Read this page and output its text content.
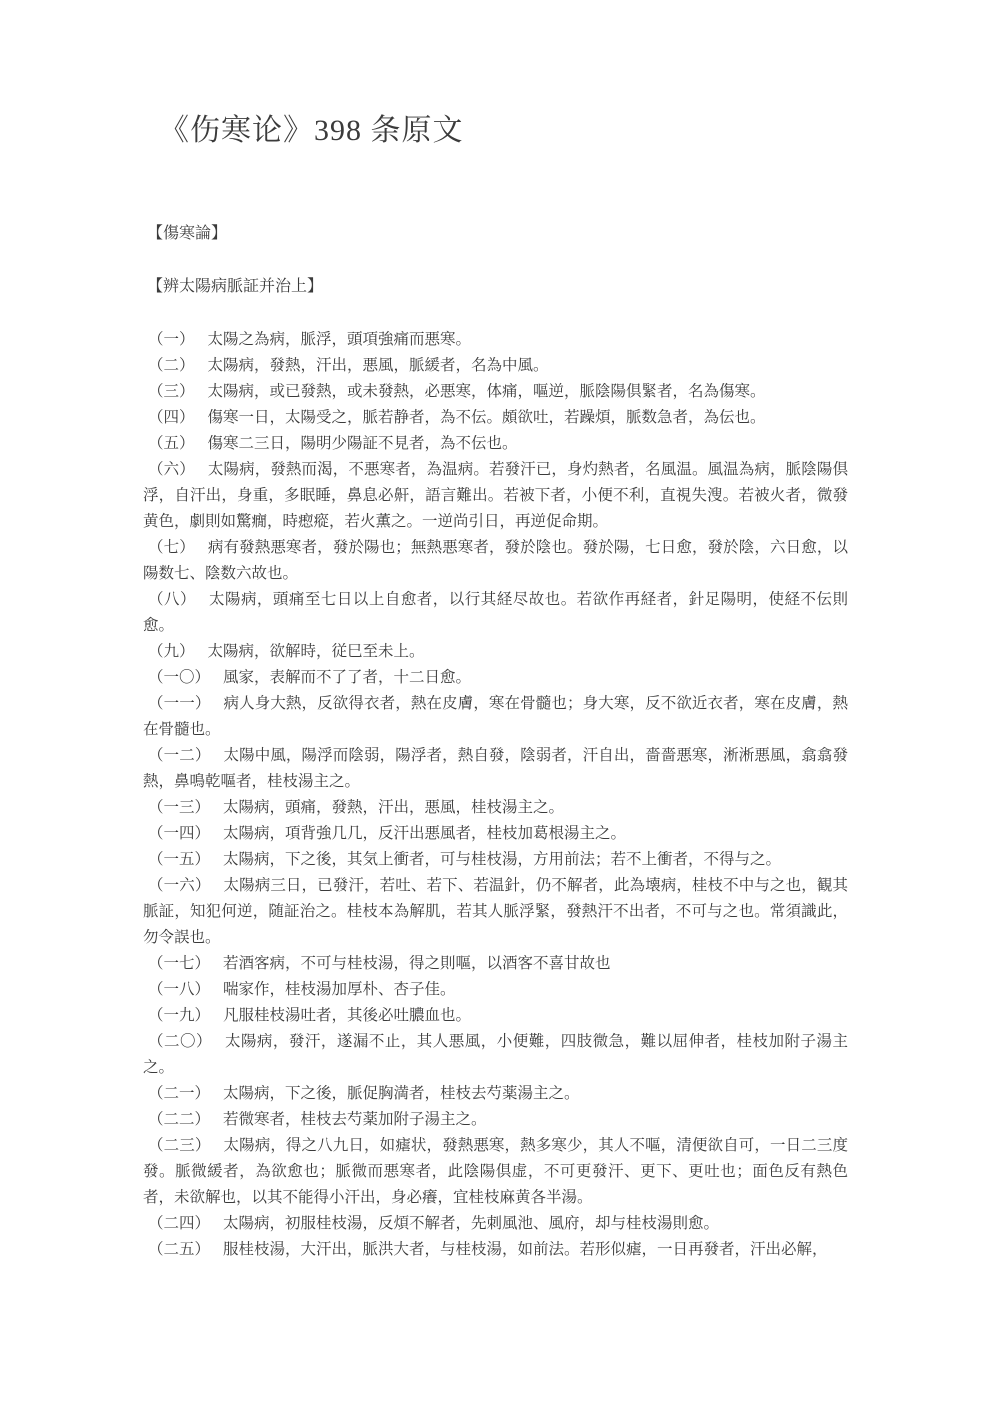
《伤寒论》398 条原文

【傷寒論】

【辨太陽病脈証并治上】

（一） 太陽之為病，脈浮，頭項強痛而悪寒。

（二） 太陽病，發熱，汗出，悪風，脈緩者，名為中風。

（三） 太陽病，或已發熱，或未發熱，必悪寒，体痛，嘔逆，脈陰陽倶緊者，名為傷寒。

（四） 傷寒一日，太陽受之，脈若静者，為不伝。頗欲吐，若躁煩，脈数急者，為伝也。

（五） 傷寒二三日，陽明少陽証不見者，為不伝也。

（六） 太陽病，發熱而渴，不悪寒者，為温病。若發汗已，身灼熱者，名風温。風温為病，脈陰陽倶浮，自汗出，身重，多眠睡，鼻息必鼾，語言難出。若被下者，小便不利，直視失溲。若被火者，微發黄色，劇則如驚癇，時瘛瘲，若火薫之。一逆尚引日，再逆促命期。

（七） 病有發熱悪寒者，發於陽也；無熱悪寒者，發於陰也。發於陽，七日愈，發於陰，六日愈，以陽数七、陰数六故也。

（八） 太陽病，頭痛至七日以上自愈者，以行其経尽故也。若欲作再経者，針足陽明，使経不伝則愈。

（九） 太陽病，欲解時，従巳至未上。

（一〇） 風家，表解而不了了者，十二日愈。

（一一） 病人身大熱，反欲得衣者，熱在皮膚，寒在骨髓也；身大寒，反不欲近衣者，寒在皮膚，熱在骨髓也。

（一二） 太陽中風，陽浮而陰弱，陽浮者，熱自發，陰弱者，汗自出，嗇嗇悪寒，淅淅悪風，翕翕發熱，鼻鳴乾嘔者，桂枝湯主之。

（一三） 太陽病，頭痛，發熱，汗出，悪風，桂枝湯主之。

（一四） 太陽病，項背強几几，反汗出悪風者，桂枝加葛根湯主之。

（一五） 太陽病，下之後，其気上衝者，可与桂枝湯，方用前法；若不上衝者，不得与之。

（一六） 太陽病三日，已發汗，若吐、若下、若温針，仍不解者，此為壊病，桂枝不中与之也，観其脈証，知犯何逆，随証治之。桂枝本為解肌，若其人脈浮緊，發熱汗不出者，不可与之也。常須識此，勿令誤也。

（一七） 若酒客病，不可与桂枝湯，得之則嘔，以酒客不喜甘故也

（一八） 喘家作，桂枝湯加厚朴、杏子佳。

（一九） 凡服桂枝湯吐者，其後必吐膿血也。

（二〇） 太陽病，發汗，遂漏不止，其人悪風，小便難，四肢微急，難以屈伸者，桂枝加附子湯主之。

（二一） 太陽病，下之後，脈促胸満者，桂枝去芍薬湯主之。

（二二） 若微寒者，桂枝去芍薬加附子湯主之。

（二三） 太陽病，得之八九日，如瘧状，發熱悪寒，熱多寒少，其人不嘔，清便欲自可，一日二三度發。脈微緩者，為欲愈也；脈微而悪寒者，此陰陽倶虚，不可更發汗、更下、更吐也；面色反有熱色者，未欲解也，以其不能得小汗出，身必癢，宜桂枝麻黄各半湯。

（二四） 太陽病，初服桂枝湯，反煩不解者，先刺風池、風府，却与桂枝湯則愈。

（二五） 服桂枝湯，大汗出，脈洪大者，与桂枝湯，如前法。若形似瘧，一日再發者，汗出必解，
